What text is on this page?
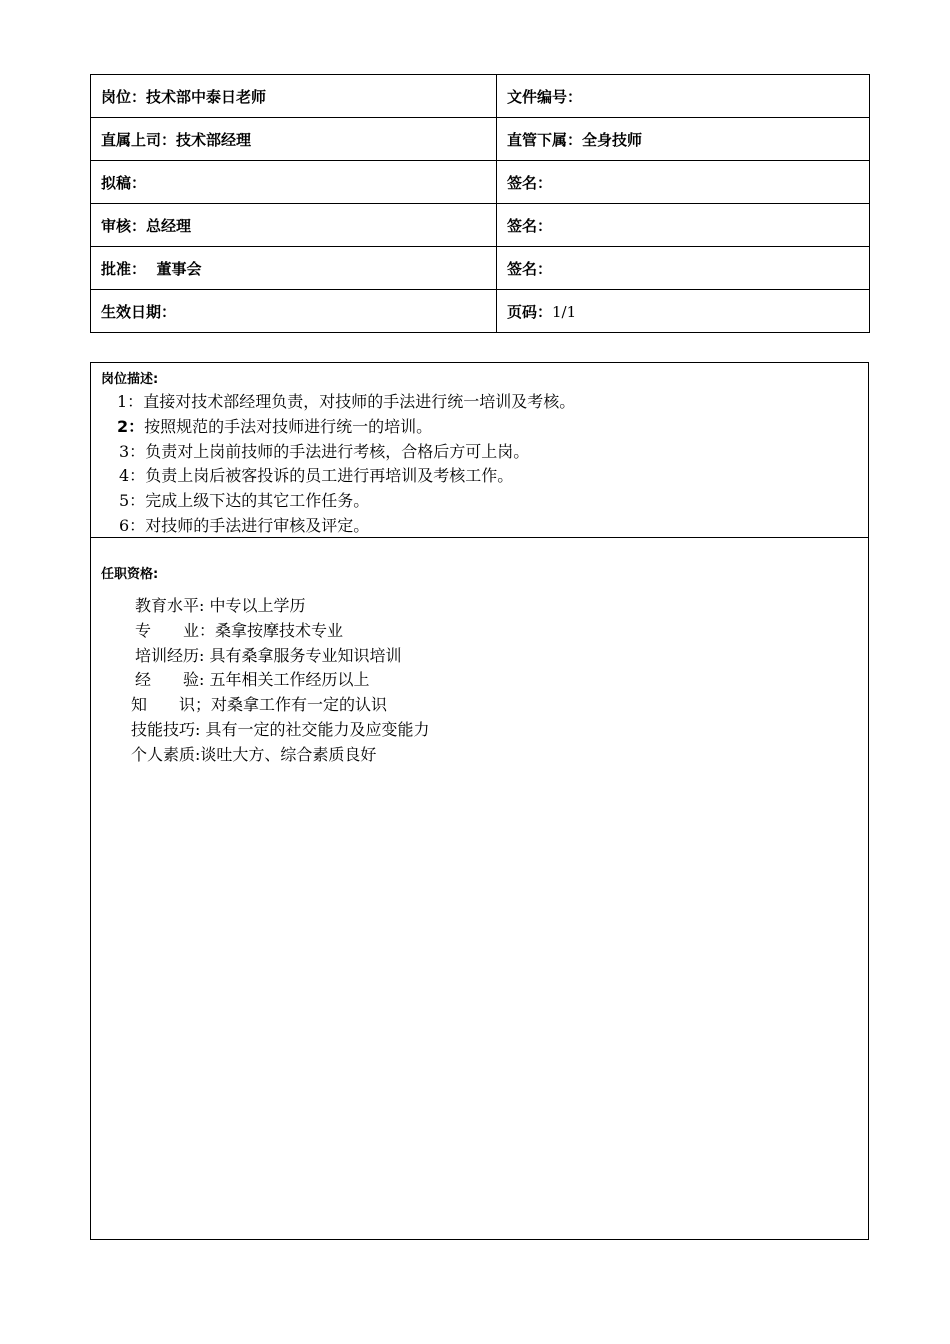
岗位：技术部中泰日老师	文件编号：
直属上司：技术部经理	直管下属：全身技师
拟稿：	签名：
审核：总经理	签名：
批准： 董事会	签名：
生效日期：	页码：1/1
岗位描述:
1：直接对技术部经理负责，对技师的手法进行统一培训及考核。
2：按照规范的手法对技师进行统一的培训。
3：负责对上岗前技师的手法进行考核，合格后方可上岗。
4：负责上岗后被客投诉的员工进行再培训及考核工作。
5：完成上级下达的其它工作任务。
6：对技师的手法进行审核及评定。
任职资格:
教育水平: 中专以上学历
专　　业：桑拿按摩技术专业
培训经历: 具有桑拿服务专业知识培训
经　　验: 五年相关工作经历以上
知　　识；对桑拿工作有一定的认识
技能技巧: 具有一定的社交能力及应变能力
个人素质:谈吐大方、综合素质良好
